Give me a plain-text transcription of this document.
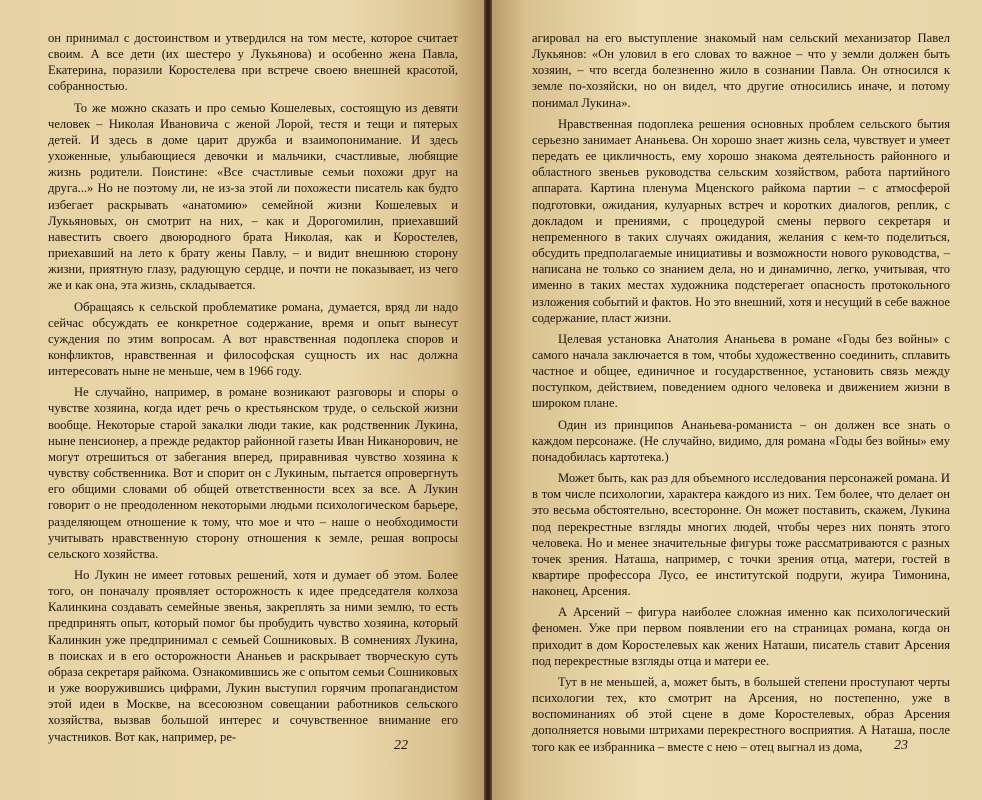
он принимал с достоинством и утвердился на том месте, которое считает своим. А все дети (их шестеро у Лукьянова) и особенно жена Павла, Екатерина, поразили Коростелева при встрече своею внешней красотой, собранностью.

То же можно сказать и про семью Кошелевых, состоящую из девяти человек – Николая Ивановича с женой Лорой, тестя и тещи и пятерых детей. И здесь в доме царит дружба и взаимопонимание. И здесь ухоженные, улыбающиеся девочки и мальчики, счастливые, любящие жизнь родители. Поистине: «Все счастливые семьи похожи друг на друга...» Но не поэтому ли, не из-за этой ли похожести писатель как будто избегает раскрывать «анатомию» семейной жизни Кошелевых и Лукьяновых, он смотрит на них, – как и Дорогомилин, приехавший навестить своего двоюродного брата Николая, как и Коростелев, приехавший на лето к брату жены Павлу, – и видит внешнюю сторону жизни, приятную глазу, радующую сердце, и почти не показывает, из чего же и как она, эта жизнь, складывается.

Обращаясь к сельской проблематике романа, думается, вряд ли надо сейчас обсуждать ее конкретное содержание, время и опыт вынесут суждения по этим вопросам. А вот нравственная подоплека споров и конфликтов, нравственная и философская сущность их нас должна интересовать ныне не меньше, чем в 1966 году.

Не случайно, например, в романе возникают разговоры и споры о чувстве хозяина, когда идет речь о крестьянском труде, о сельской жизни вообще. Некоторые старой закалки люди такие, как родственник Лукина, ныне пенсионер, а прежде редактор районной газеты Иван Никанорович, не могут отрешиться от забегания вперед, приравнивая чувство хозяина к чувству собственника. Вот и спорит он с Лукиным, пытается опровергнуть его общими словами об общей ответственности всех за все. А Лукин говорит о не преодоленном некоторыми людьми психологическом барьере, разделяющем отношение к тому, что мое и что – наше о необходимости учитывать нравственную сторону отношения к земле, решая вопросы сельского хозяйства.

Но Лукин не имеет готовых решений, хотя и думает об этом. Более того, он поначалу проявляет осторожность к идее председателя колхоза Калинкина создавать семейные звенья, закреплять за ними землю, то есть предпринять опыт, который помог бы пробудить чувство хозяина, который Калинкин уже предпринимал с семьей Сошниковых. В сомнениях Лукина, в поисках и в его осторожности Ананьев и раскрывает творческую суть образа секретаря райкома. Ознакомившись же с опытом семьи Сошниковых и уже вооружившись цифрами, Лукин выступил горячим пропагандистом этой идеи в Москве, на всесоюзном совещании работников сельского хозяйства, вызвав большой интерес и сочувственное внимание его участников. Вот как, например, ре-

22

агировал на его выступление знакомый нам сельский механизатор Павел Лукьянов: «Он уловил в его словах то важное – что у земли должен быть хозяин, – что всегда болезненно жило в сознании Павла. Он относился к земле по-хозяйски, но он видел, что другие относились иначе, и потому понимал Лукина».

Нравственная подоплека решения основных проблем сельского бытия серьезно занимает Ананьева. Он хорошо знает жизнь села, чувствует и умеет передать ее цикличность, ему хорошо знакома деятельность районного и областного звеньев руководства сельским хозяйством, работа партийного аппарата. Картина пленума Мценского райкома партии – с атмосферой подготовки, ожидания, кулуарных встреч и коротких диалогов, реплик, с докладом и прениями, с процедурой смены первого секретаря и непременного в таких случаях ожидания, желания с кем-то поделиться, обсудить предполагаемые инициативы и возможности нового руководства, – написана не только со знанием дела, но и динамично, легко, учитывая, что именно в таких местах художника подстерегает опасность протокольного изложения событий и фактов. Но это внешний, хотя и несущий в себе важное содержание, пласт жизни.

Целевая установка Анатолия Ананьева в романе «Годы без войны» с самого начала заключается в том, чтобы художественно соединить, сплавить частное и общее, единичное и государственное, установить связь между поступком, действием, поведением одного человека и движением жизни в широком плане.

Один из принципов Ананьева-романиста – он должен все знать о каждом персонаже. (Не случайно, видимо, для романа «Годы без войны» ему понадобилась картотека.)

Может быть, как раз для объемного исследования персонажей романа. И в том числе психологии, характера каждого из них. Тем более, что делает он это весьма обстоятельно, всесторонне. Он может поставить, скажем, Лукина под перекрестные взгляды многих людей, чтобы через них понять этого человека. Но и менее значительные фигуры тоже рассматриваются с разных точек зрения. Наташа, например, с точки зрения отца, матери, гостей в квартире профессора Лусо, ее институтской подруги, жуира Тимонина, наконец, Арсения.

А Арсений – фигура наиболее сложная именно как психологический феномен. Уже при первом появлении его на страницах романа, когда он приходит в дом Коростелевых как жених Наташи, писатель ставит Арсения под перекрестные взгляды отца и матери ее.

Тут в не меньшей, а, может быть, в большей степени проступают черты психологии тех, кто смотрит на Арсения, но постепенно, уже в воспоминаниях об этой сцене в доме Коростелевых, образ Арсения дополняется новыми штрихами перекрестного восприятия. А Наташа, после того как ее избранника – вместе с нею – отец выгнал из дома,	23
